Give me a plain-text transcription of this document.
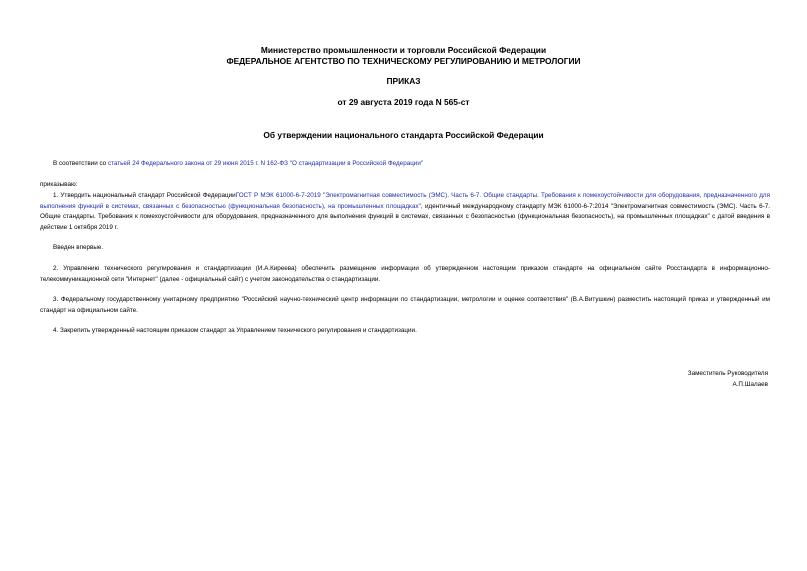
Министерство промышленности и торговли Российской Федерации
ФЕДЕРАЛЬНОЕ АГЕНТСТВО ПО ТЕХНИЧЕСКОМУ РЕГУЛИРОВАНИЮ И МЕТРОЛОГИИ
ПРИКАЗ
от 29 августа 2019 года N 565-ст
Об утверждении национального стандарта Российской Федерации
В соответствии со статьей 24 Федерального закона от 29 июня 2015 г. N 162-ФЗ "О стандартизации в Российской Федерации"
приказываю:
1. Утвердить национальный стандарт Российской ФедерацииГОСТ Р МЭК 61000-6-7-2019 "Электромагнитная совместимость (ЭМС). Часть 6-7. Общие стандарты. Требования к помехоустойчивости для оборудования, предназначенного для выполнения функций в системах, связанных с безопасностью (функциональная безопасность), на промышленных площадках", идентичный международному стандарту МЭК 61000-6-7:2014 "Электромагнитная совместимость (ЭМС). Часть 6-7. Общие стандарты. Требования к помехоустойчивости для оборудования, предназначенного для выполнения функций в системах, связанных с безопасностью (функциональная безопасность), на промышленных площадках" с датой введения в действие 1 октября 2019 г.
Введен впервые.
2. Управлению технического регулирования и стандартизации (И.А.Киреева) обеспечить размещение информации об утвержденном настоящим приказом стандарте на официальном сайте Росстандарта в информационно-телекоммуникационной сети "Интернет" (далее - официальный сайт) с учетом законодательства о стандартизации.
3. Федеральному государственному унитарному предприятию "Российский научно-технический центр информации по стандартизации, метрологии и оценке соответствия" (В.А.Витушкин) разместить настоящий приказ и утвержденный им стандарт на официальном сайте.
4. Закрепить утвержденный настоящим приказом стандарт за Управлением технического регулирования и стандартизации.
Заместитель Руководителя
А.П.Шалаев
